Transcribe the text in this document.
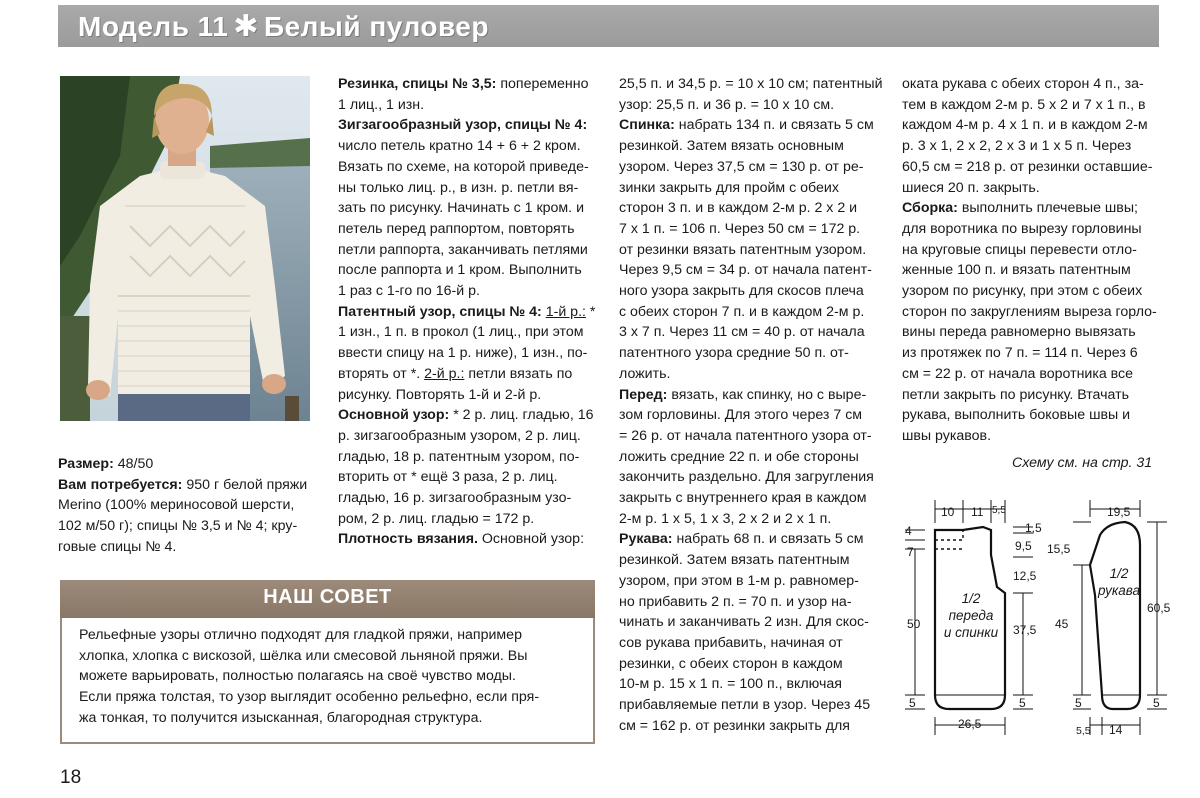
Модель 11 ✱ Белый пуловер

Размер: 48/50

Вам потребуется: 950 г белой пряжи

Merino (100% мериносовой шерсти,

102 м/50 г); спицы № 3,5 и № 4; кру-

говые спицы № 4.

Резинка, спицы № 3,5: попеременно

1 лиц., 1 изн.

Зигзагообразный узор, спицы № 4:

число петель кратно 14 + 6 + 2 кром.

Вязать по схеме, на которой приведе-

ны только лиц. р., в изн. р. петли вя-

зать по рисунку. Начинать с 1 кром. и

петель перед раппортом, повторять

петли раппорта, заканчивать петлями

после раппорта и 1 кром. Выполнить

1 раз с 1-го по 16-й р.

Патентный узор, спицы № 4: 1-й р.: *

1 изн., 1 п. в прокол (1 лиц., при этом

ввести спицу на 1 р. ниже), 1 изн., по-

вторять от *. 2-й р.: петли вязать по

рисунку. Повторять 1-й и 2-й р.

Основной узор: * 2 р. лиц. гладью, 16

р. зигзагообразным узором, 2 р. лиц.

гладью, 18 р. патентным узором, по-

вторить от * ещё 3 раза, 2 р. лиц.

гладью, 16 р. зигзагообразным узо-

ром, 2 р. лиц. гладью = 172 р.

Плотность вязания. Основной узор:

25,5 п. и 34,5 р. = 10 х 10 см; патентный

узор: 25,5 п. и 36 р. = 10 х 10 см.

Спинка: набрать 134 п. и связать 5 см

резинкой. Затем вязать основным

узором. Через 37,5 см = 130 р. от ре-

зинки закрыть для пройм с обеих

сторон 3 п. и в каждом 2-м р. 2 х 2 и

7 х 1 п. = 106 п. Через 50 см = 172 р.

от резинки вязать патентным узором.

Через 9,5 см = 34 р. от начала патент-

ного узора закрыть для скосов плеча

с обеих сторон 7 п. и в каждом 2-м р.

3 х 7 п. Через 11 см = 40 р. от начала

патентного узора средние 50 п. от-

ложить.

Перед: вязать, как спинку, но с выре-

зом горловины. Для этого через 7 см

= 26 р. от начала патентного узора от-

ложить средние 22 п. и обе стороны

закончить раздельно. Для загругления

закрыть с внутреннего края в каждом

2-м р. 1 х 5, 1 х 3, 2 х 2 и 2 х 1 п.

Рукава: набрать 68 п. и связать 5 см

резинкой. Затем вязать патентным

узором, при этом в 1-м р. равномер-

но прибавить 2 п. = 70 п. и узор на-

чинать и заканчивать 2 изн. Для скос-

сов рукава прибавить, начиная от

резинки, с обеих сторон в каждом

10-м р. 15 х 1 п. = 100 п., включая

прибавляемые петли в узор. Через 45

см = 162 р. от резинки закрыть для

оката рукава с обеих сторон 4 п., за-

тем в каждом 2-м р. 5 х 2 и 7 х 1 п., в

каждом 4-м р. 4 х 1 п. и в каждом 2-м

р. 3 х 1, 2 х 2, 2 х 3 и 1 х 5 п. Через

60,5 см = 218 р. от резинки оставшие-

шиеся 20 п. закрыть.

Сборка: выполнить плечевые швы;

для воротника по вырезу горловины

на круговые спицы перевести отло-

женные 100 п. и вязать патентным

узором по рисунку, при этом с обеих

сторон по закруглениям выреза горло-

вины переда равномерно вывязать

из протяжек по 7 п. = 114 п. Через 6

см = 22 р. от начала воротника все

петли закрыть по рисунку. Втачать

рукава, выполнить боковые швы и

швы рукавов.

Схему см. на стр. 31
10 11 5,5
4
7
50
5
1,5
9,5
12,5
37,5
5
26,5
1/2
переда
и спинки
19,5
15,5
45
5
60,5
5
5,5 14
1/2
рукава
НАШ СОВЕТ

Рельефные узоры отлично подходят для гладкой пряжи, например

хлопка, хлопка с вискозой, шёлка или смесовой льняной пряжи. Вы

можете варьировать, полностью полагаясь на своё чувство моды.

Если пряжа толстая, то узор выглядит особенно рельефно, если пря-

жа тонкая, то получится изысканная, благородная структура.

18
